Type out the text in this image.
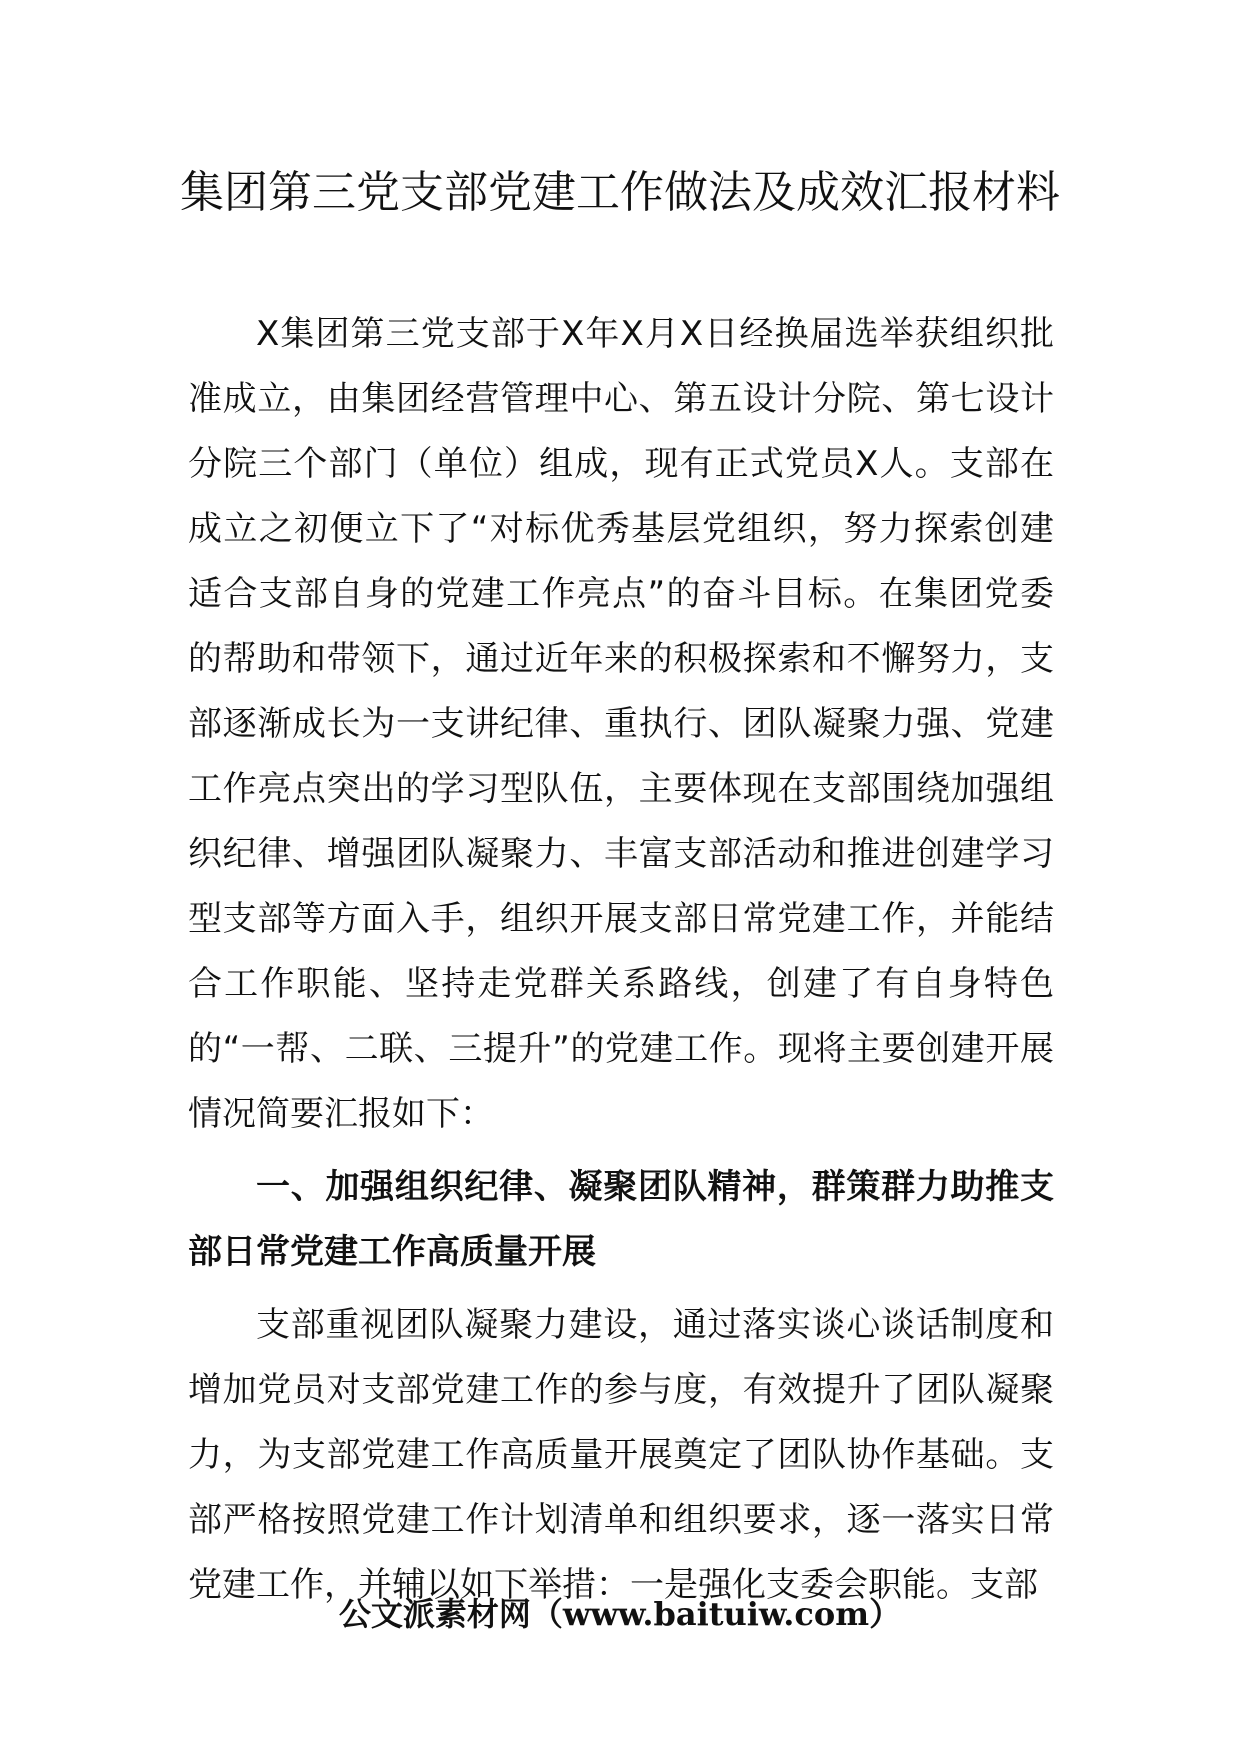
集团第三党支部党建工作做法及成效汇报材料

X集团第三党支部于X年X月X日经换届选举获组织批准成立，由集团经营管理中心、第五设计分院、第七设计分院三个部门（单位）组成，现有正式党员X人。支部在成立之初便立下了“对标优秀基层党组织，努力探索创建适合支部自身的党建工作亮点”的奋斗目标。在集团党委的帮助和带领下，通过近年来的积极探索和不懈努力，支部逐渐成长为一支讲纪律、重执行、团队凝聚力强、党建工作亮点突出的学习型队伍，主要体现在支部围绕加强组织纪律、增强团队凝聚力、丰富支部活动和推进创建学习型支部等方面入手，组织开展支部日常党建工作，并能结合工作职能、坚持走党群关系路线，创建了有自身特色的“一帮、二联、三提升”的党建工作。现将主要创建开展情况简要汇报如下：

一、加强组织纪律、凝聚团队精神，群策群力助推支部日常党建工作高质量开展

支部重视团队凝聚力建设，通过落实谈心谈话制度和增加党员对支部党建工作的参与度，有效提升了团队凝聚力，为支部党建工作高质量开展奠定了团队协作基础。支部严格按照党建工作计划清单和组织要求，逐一落实日常党建工作，并辅以如下举措：一是强化支委会职能。支部

公文派素材网（www.baituiw.com）
